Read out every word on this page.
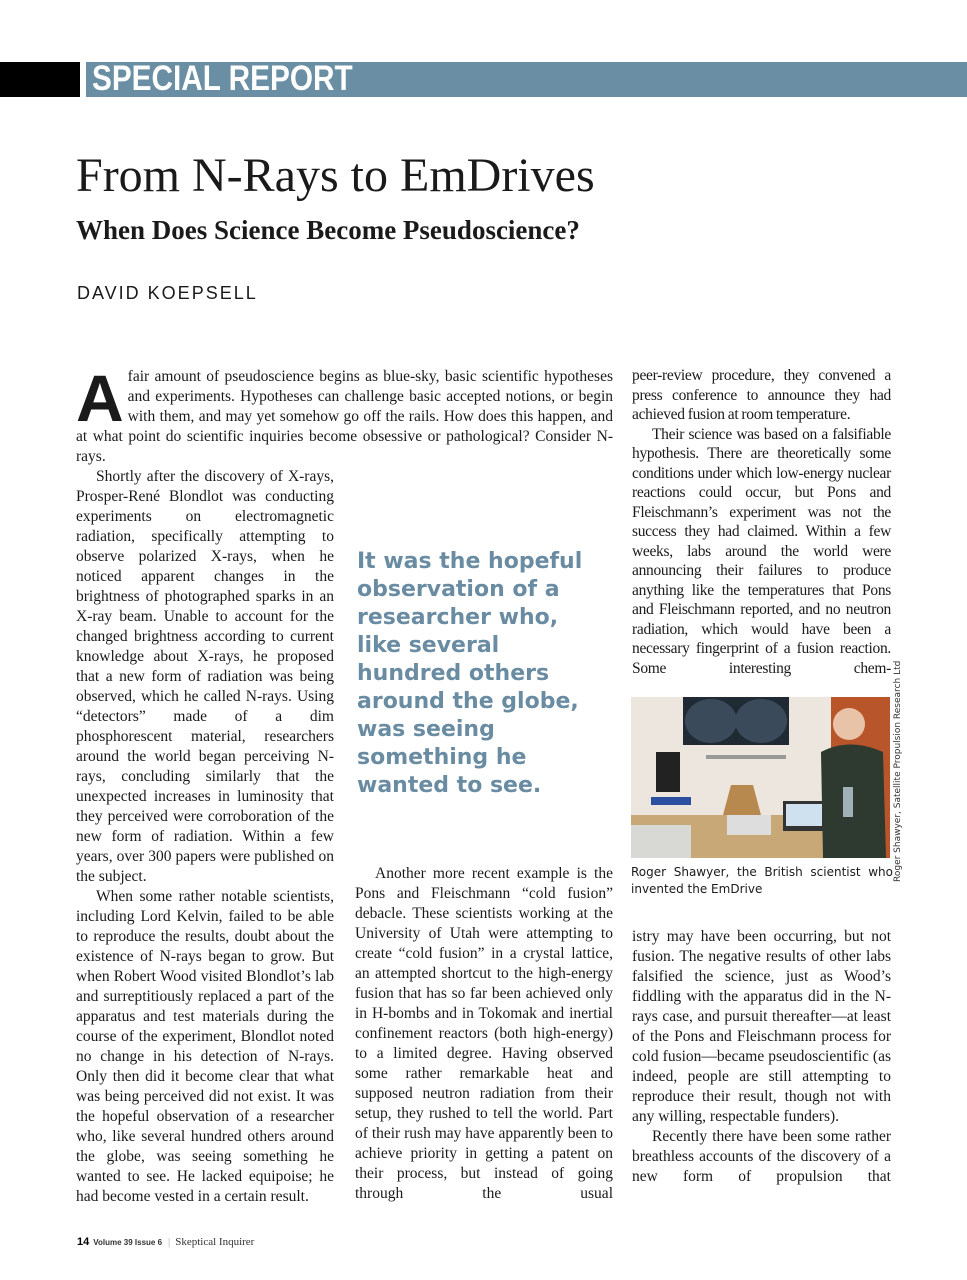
SPECIAL REPORT
From N-Rays to EmDrives
When Does Science Become Pseudoscience?
DAVID KOEPSELL
A fair amount of pseudoscience begins as blue-sky, basic scientific hypotheses and experiments. Hypotheses can challenge basic accepted notions, or begin with them, and may yet somehow go off the rails. How does this happen, and at what point do scientific inquiries become obsessive or pathological? Consider N-rays.

Shortly after the discovery of X-rays, Prosper-René Blondlot was conducting experiments on electromagnetic radiation, specifically attempting to observe polarized X-rays, when he noticed apparent changes in the brightness of photographed sparks in an X-ray beam. Unable to account for the changed brightness according to current knowledge about X-rays, he proposed that a new form of radiation was being observed, which he called N-rays. Using “detectors” made of a dim phosphorescent material, researchers around the world began perceiving N-rays, concluding similarly that the unexpected increases in luminosity that they perceived were corroboration of the new form of radiation. Within a few years, over 300 papers were published on the subject.

When some rather notable scientists, including Lord Kelvin, failed to be able to reproduce the results, doubt about the existence of N-rays began to grow. But when Robert Wood visited Blondlot’s lab and surreptitiously replaced a part of the apparatus and test materials during the course of the experiment, Blondlot noted no change in his detection of N-rays. Only then did it become clear that what was being perceived did not exist. It was the hopeful observation of a researcher who, like several hundred others around the globe, was seeing something he wanted to see. He lacked equipoise; he had become vested in a certain result.

It was the hopeful observation of a researcher who, like several hundred others around the globe, was seeing something he wanted to see.

Another more recent example is the Pons and Fleischmann “cold fusion” debacle. These scientists working at the University of Utah were attempting to create “cold fusion” in a crystal lattice, an attempted shortcut to the high-energy fusion that has so far been achieved only in H-bombs and in Tokomak and inertial confinement reactors (both high-energy) to a limited degree. Having observed some rather remarkable heat and supposed neutron radiation from their setup, they rushed to tell the world. Part of their rush may have apparently been to achieve priority in getting a patent on their process, but instead of going through the usual

peer-review procedure, they convened a press conference to announce they had achieved fusion at room temperature.

Their science was based on a falsifiable hypothesis. There are theoretically some conditions under which low-energy nuclear reactions could occur, but Pons and Fleischmann’s experiment was not the success they had claimed. Within a few weeks, labs around the world were announcing their failures to produce anything like the temperatures that Pons and Fleischmann reported, and no neutron radiation, which would have been a necessary fingerprint of a fusion reaction. Some interesting chem- Roger Shawyer, Satellite Propulsion Research Ltd
Roger Shawyer, the British scientist who invented the EmDrive

istry may have been occurring, but not fusion. The negative results of other labs falsified the science, just as Wood’s fiddling with the apparatus did in the N-rays case, and pursuit thereafter—at least of the Pons and Fleischmann process for cold fusion—became pseudoscientific (as indeed, people are still attempting to reproduce their result, though not with any willing, respectable funders).

Recently there have been some rather breathless accounts of the discovery of a new form of propulsion that

14 Volume 39 Issue 6 | Skeptical Inquirer
